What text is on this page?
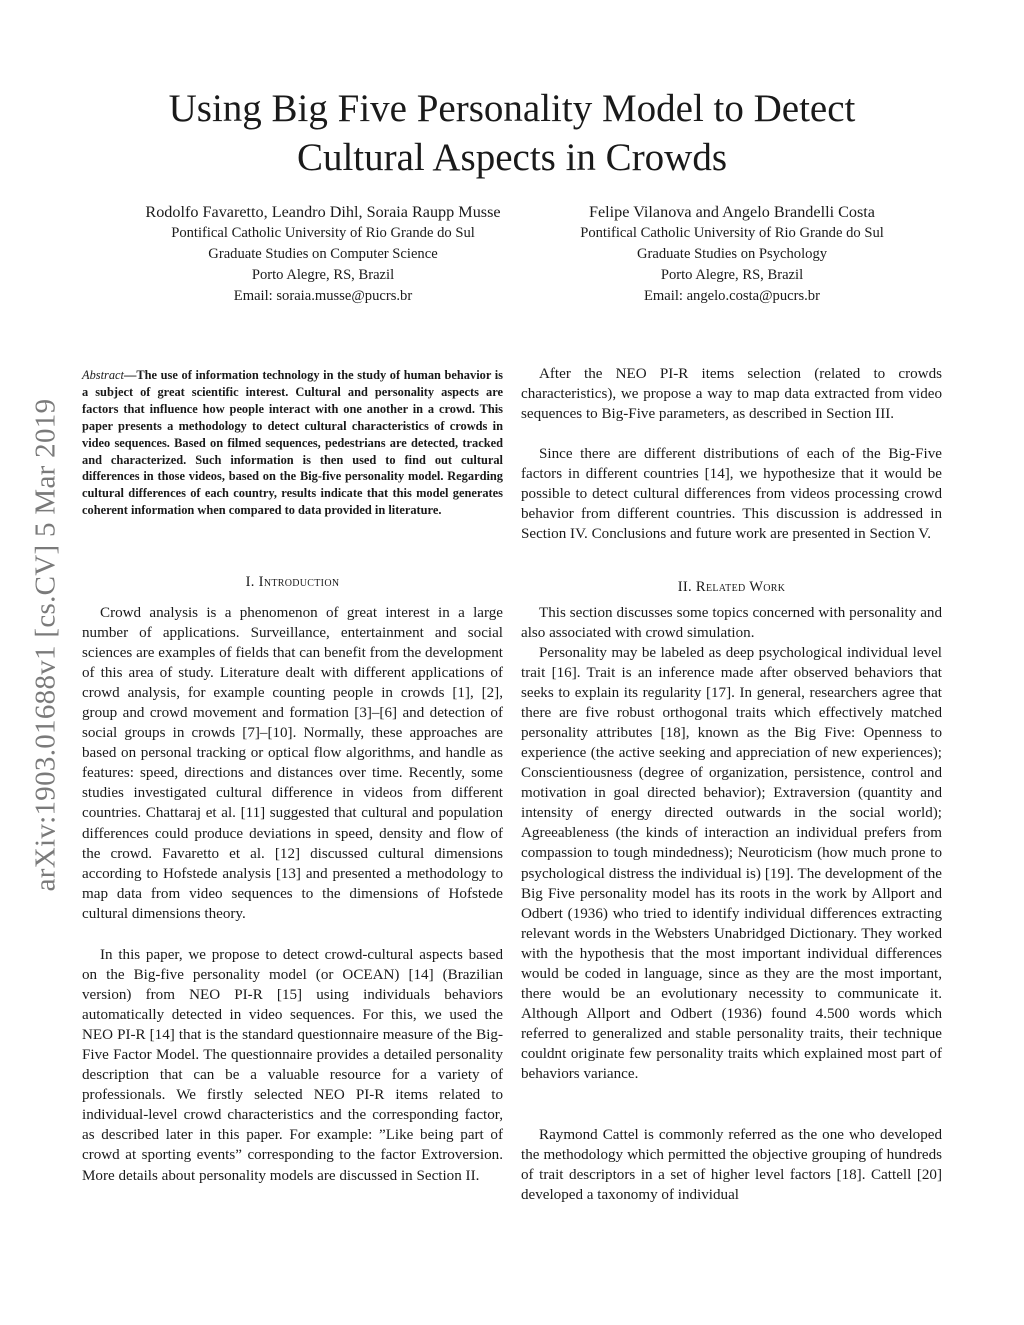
Using Big Five Personality Model to Detect
Cultural Aspects in Crowds
Rodolfo Favaretto, Leandro Dihl, Soraia Raupp Musse
Pontifical Catholic University of Rio Grande do Sul
Graduate Studies on Computer Science
Porto Alegre, RS, Brazil
Email: soraia.musse@pucrs.br
Felipe Vilanova and Angelo Brandelli Costa
Pontifical Catholic University of Rio Grande do Sul
Graduate Studies on Psychology
Porto Alegre, RS, Brazil
Email: angelo.costa@pucrs.br
arXiv:1903.01688v1 [cs.CV] 5 Mar 2019

Abstract—The use of information technology in the study of human behavior is a subject of great scientific interest. Cultural and personality aspects are factors that influence how people interact with one another in a crowd. This paper presents a methodology to detect cultural characteristics of crowds in video sequences. Based on filmed sequences, pedestrians are detected, tracked and characterized. Such information is then used to find out cultural differences in those videos, based on the Big-five personality model. Regarding cultural differences of each country, results indicate that this model generates coherent information when compared to data provided in literature.

I. Introduction

Crowd analysis is a phenomenon of great interest in a large number of applications. Surveillance, entertainment and social sciences are examples of fields that can benefit from the development of this area of study. Literature dealt with different applications of crowd analysis, for example counting people in crowds [1], [2], group and crowd movement and formation [3]–[6] and detection of social groups in crowds [7]–[10]. Normally, these approaches are based on personal tracking or optical flow algorithms, and handle as features: speed, directions and distances over time. Recently, some studies investigated cultural difference in videos from different countries. Chattaraj et al. [11] suggested that cultural and population differences could produce deviations in speed, density and flow of the crowd. Favaretto et al. [12] discussed cultural dimensions according to Hofstede analysis [13] and presented a methodology to map data from video sequences to the dimensions of Hofstede cultural dimensions theory.

In this paper, we propose to detect crowd-cultural aspects based on the Big-five personality model (or OCEAN) [14] (Brazilian version) from NEO PI-R [15] using individuals behaviors automatically detected in video sequences. For this, we used the NEO PI-R [14] that is the standard questionnaire measure of the Big-Five Factor Model. The questionnaire provides a detailed personality description that can be a valuable resource for a variety of professionals. We firstly selected NEO PI-R items related to individual-level crowd characteristics and the corresponding factor, as described later in this paper. For example: ”Like being part of crowd at sporting events” corresponding to the factor Extroversion. More details about personality models are discussed in Section II.

After the NEO PI-R items selection (related to crowds characteristics), we propose a way to map data extracted from video sequences to Big-Five parameters, as described in Section III.

Since there are different distributions of each of the Big-Five factors in different countries [14], we hypothesize that it would be possible to detect cultural differences from videos processing crowd behavior from different countries. This discussion is addressed in Section IV. Conclusions and future work are presented in Section V.

II. Related Work

This section discusses some topics concerned with personality and also associated with crowd simulation.

Personality may be labeled as deep psychological individual level trait [16]. Trait is an inference made after observed behaviors that seeks to explain its regularity [17]. In general, researchers agree that there are five robust orthogonal traits which effectively matched personality attributes [18], known as the Big Five: Openness to experience (the active seeking and appreciation of new experiences); Conscientiousness (degree of organization, persistence, control and motivation in goal directed behavior); Extraversion (quantity and intensity of energy directed outwards in the social world); Agreeableness (the kinds of interaction an individual prefers from compassion to tough mindedness); Neuroticism (how much prone to psychological distress the individual is) [19]. The development of the Big Five personality model has its roots in the work by Allport and Odbert (1936) who tried to identify individual differences extracting relevant words in the Websters Unabridged Dictionary. They worked with the hypothesis that the most important individual differences would be coded in language, since as they are the most important, there would be an evolutionary necessity to communicate it. Although Allport and Odbert (1936) found 4.500 words which referred to generalized and stable personality traits, their technique couldnt originate few personality traits which explained most part of behaviors variance.

Raymond Cattel is commonly referred as the one who developed the methodology which permitted the objective grouping of hundreds of trait descriptors in a set of higher level factors [18]. Cattell [20] developed a taxonomy of individual
